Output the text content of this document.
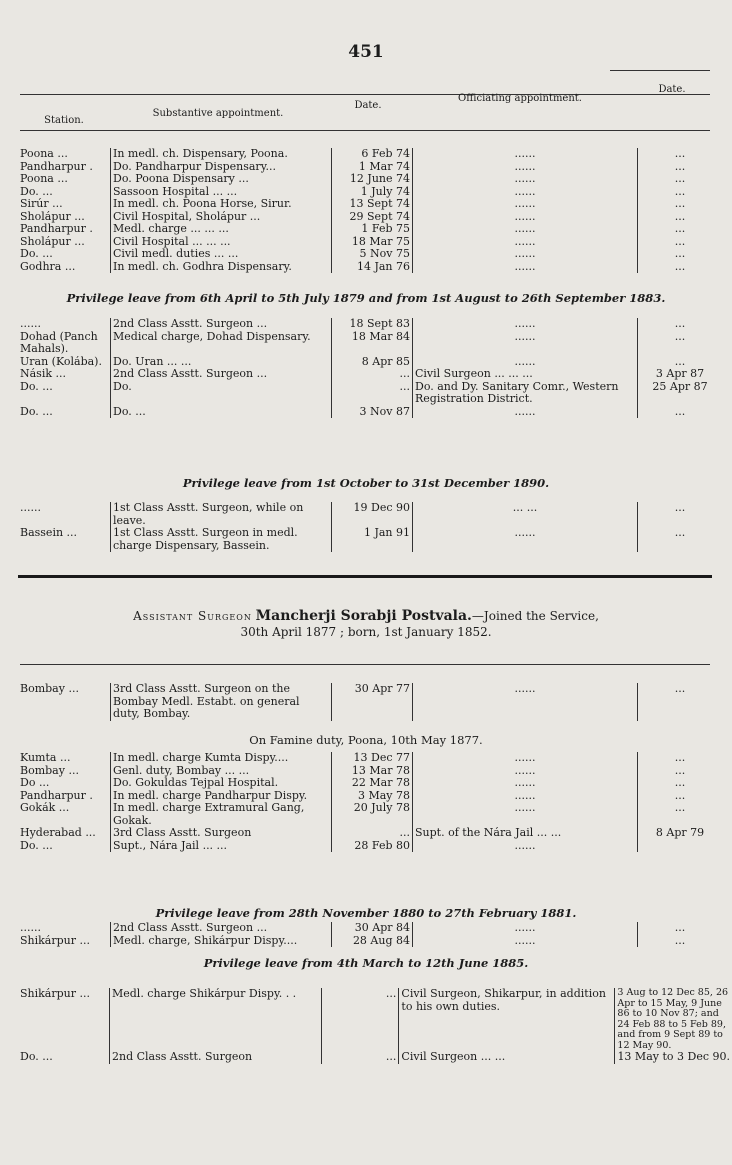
451
Station.
Substantive appointment.
Date.
Officiating appointment.
Date.
Poona ...	In medl. ch. Dispensary, Poona.	6 Feb 74	......	...
Pandharpur .	Do. Pandharpur Dispensary...	1 Mar 74	......	...
Poona ...	Do. Poona Dispensary ...	12 June 74	......	...
Do. ...	Sassoon Hospital ... ...	1 July 74	......	...
Sirúr ...	In medl. ch. Poona Horse, Sirur.	13 Sept 74	......	...
Sholápur ...	Civil Hospital, Sholápur ...	29 Sept 74	......	...
Pandharpur .	Medl. charge ... ... ...	1 Feb 75	......	...
Sholápur ...	Civil Hospital ... ... ...	18 Mar 75	......	...
Do. ...	Civil medl. duties ... ...	5 Nov 75	......	...
Godhra ...	In medl. ch. Godhra Dispensary.	14 Jan 76	......	...
Privilege leave from 6th April to 5th July 1879 and from 1st August to 26th September 1883.
......	2nd Class Asstt. Surgeon ...	18 Sept 83	......	...
Dohad (Panch Mahals).	Medical charge, Dohad Dispensary.	18 Mar 84	......	...
Uran (Kolába).	Do. Uran ... ...	8 Apr 85	......	...
Násik ...	2nd Class Asstt. Surgeon ...	...	Civil Surgeon ... ... ...	3 Apr 87
Do. ...	Do.	...	Do. and Dy. Sanitary Comr., Western Registration District.	25 Apr 87
Do. ...	Do. ...	3 Nov 87	......	...
Privilege leave from 1st October to 31st December 1890.
......	1st Class Asstt. Surgeon, while on leave.	19 Dec 90	... ...	...
Bassein ...	1st Class Asstt. Surgeon in medl. charge Dispensary, Bassein.	1 Jan 91	......	...
Assistant Surgeon Mancherji Sorabji Postvala.—Joined the Service,
30th April 1877 ; born, 1st January 1852.
Bombay ...	3rd Class Asstt. Surgeon on the Bombay Medl. Estabt. on general duty, Bombay.	30 Apr 77	......	...
On Famine duty, Poona, 10th May 1877.
Kumta ...	In medl. charge Kumta Dispy....	13 Dec 77	......	...
Bombay ...	Genl. duty, Bombay ... ...	13 Mar 78	......	...
Do ...	Do. Gokuldas Tejpal Hospital.	22 Mar 78	......	...
Pandharpur .	In medl. charge Pandharpur Dispy.	3 May 78	......	...
Gokák ...	In medl. charge Extramural Gang, Gokak.	20 July 78	......	...
Hyderabad ...	3rd Class Asstt. Surgeon	...	Supt. of the Nára Jail ... ...	8 Apr 79
Do. ...	Supt., Nára Jail ... ...	28 Feb 80	......	
Privilege leave from 28th November 1880 to 27th February 1881.
......	2nd Class Asstt. Surgeon ...	30 Apr 84	......	...
Shikárpur ...	Medl. charge, Shikárpur Dispy....	28 Aug 84	......	...
Privilege leave from 4th March to 12th June 1885.
Shikárpur ...	Medl. charge Shikárpur Dispy. . .	...	Civil Surgeon, Shikarpur, in addition to his own duties.	3 Aug to 12 Dec 85, 26 Apr to 15 May, 9 June 86 to 10 Nov 87; and 24 Feb 88 to 5 Feb 89, and from 9 Sept 89 to 12 May 90.
Do. ...	2nd Class Asstt. Surgeon	...	Civil Surgeon ... ...	13 May to 3 Dec 90.
